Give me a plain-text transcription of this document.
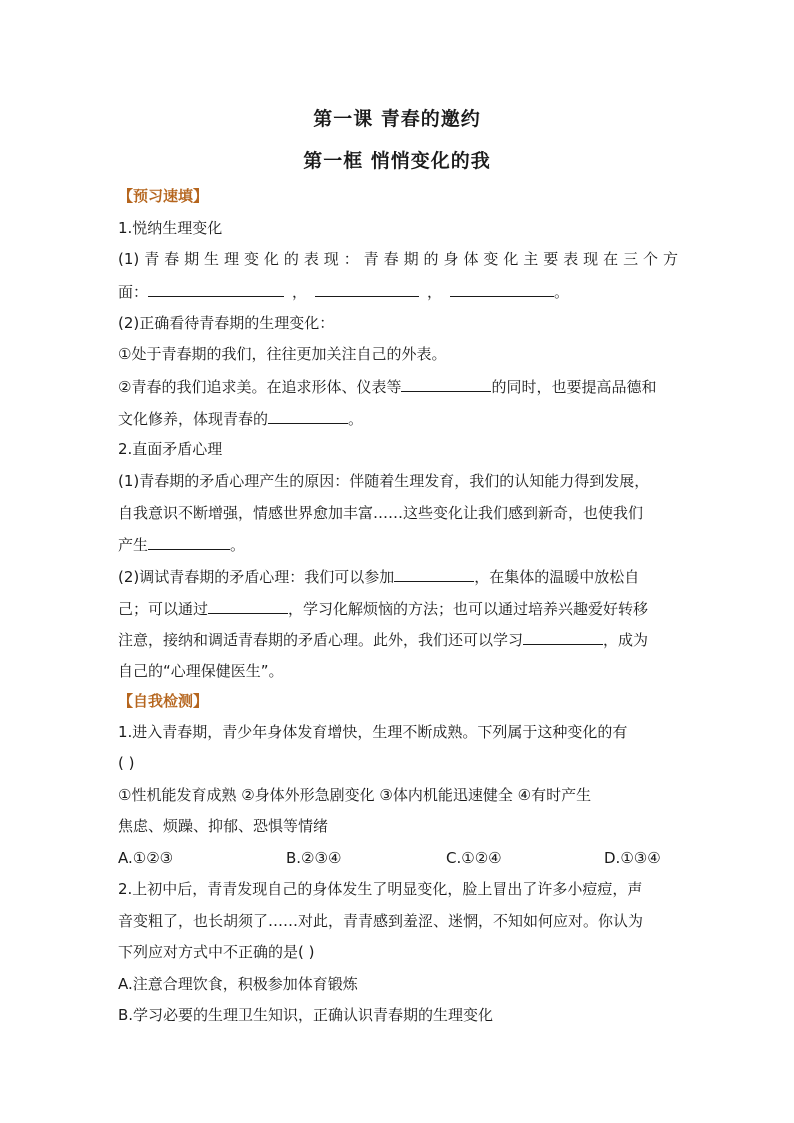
第一课 青春的邀约
第一框 悄悄变化的我
【预习速填】
1.悦纳生理变化
(1)青春期生理变化的表现：青春期的身体变化主要表现在三个方
面：	，	，	。
(2)正确看待青春期的生理变化：
①处于青春期的我们，往往更加关注自己的外表。
②青春的我们追求美。在追求形体、仪表等	的同时，也要提高品德和
文化修养，体现青春的	。
2.直面矛盾心理
(1)青春期的矛盾心理产生的原因：伴随着生理发育，我们的认知能力得到发展，
自我意识不断增强，情感世界愈加丰富……这些变化让我们感到新奇，也使我们
产生	。
(2)调试青春期的矛盾心理：我们可以参加	，在集体的温暖中放松自
己；可以通过	，学习化解烦恼的方法；也可以通过培养兴趣爱好转移
注意，接纳和调适青春期的矛盾心理。此外，我们还可以学习	，成为
自己的“心理保健医生”。
【自我检测】
1.进入青春期，青少年身体发育增快，生理不断成熟。下列属于这种变化的有
( )
①性机能发育成熟 ②身体外形急剧变化 ③体内机能迅速健全 ④有时产生
焦虑、烦躁、抑郁、恐惧等情绪
A.①②③	B.②③④	C.①②④	D.①③④
2.上初中后，青青发现自己的身体发生了明显变化，脸上冒出了许多小痘痘，声
音变粗了，也长胡须了……对此，青青感到羞涩、迷惘，不知如何应对。你认为
下列应对方式中不正确的是( )
A.注意合理饮食，积极参加体育锻炼
B.学习必要的生理卫生知识，正确认识青春期的生理变化
